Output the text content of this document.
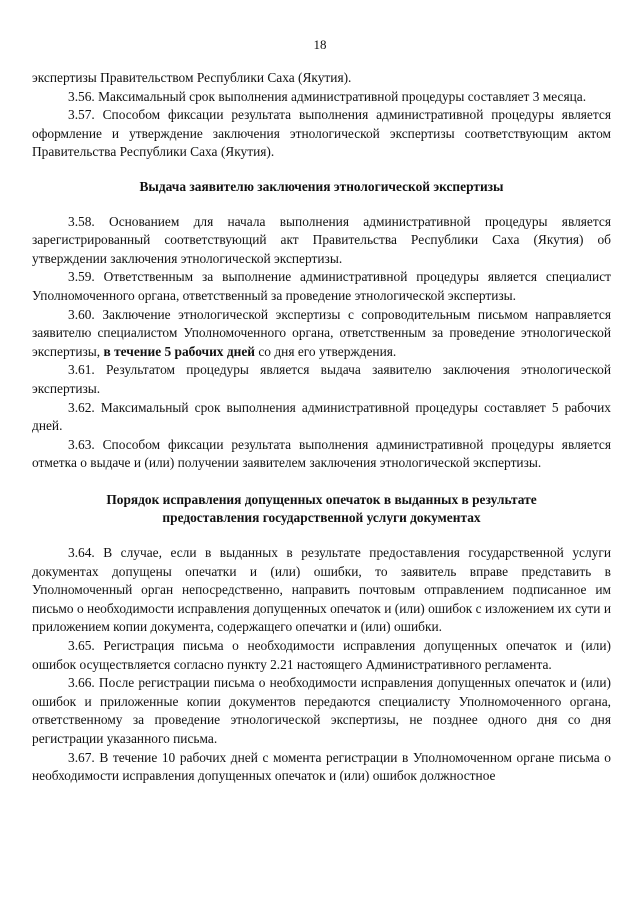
18

экспертизы Правительством Республики Саха (Якутия).

3.56. Максимальный срок выполнения административной процедуры составляет 3 месяца.

3.57. Способом фиксации результата выполнения административной процедуры является оформление и утверждение заключения этнологической экспертизы соответствующим актом Правительства Республики Саха (Якутия).

Выдача заявителю заключения этнологической экспертизы

3.58. Основанием для начала выполнения административной процедуры является зарегистрированный соответствующий акт Правительства Республики Саха (Якутия) об утверждении заключения этнологической экспертизы.

3.59. Ответственным за выполнение административной процедуры является специалист Уполномоченного органа, ответственный за проведение этнологической экспертизы.

3.60. Заключение этнологической экспертизы с сопроводительным письмом направляется заявителю специалистом Уполномоченного органа, ответственным за проведение этнологической экспертизы, в течение 5 рабочих дней со дня его утверждения.

3.61. Результатом процедуры является выдача заявителю заключения этнологической экспертизы.

3.62. Максимальный срок выполнения административной процедуры составляет 5 рабочих дней.

3.63. Способом фиксации результата выполнения административной процедуры является отметка о выдаче и (или) получении заявителем заключения этнологической экспертизы.

Порядок исправления допущенных опечаток в выданных в результате
предоставления государственной услуги документах

3.64. В случае, если в выданных в результате предоставления государственной услуги документах допущены опечатки и (или) ошибки, то заявитель вправе представить в Уполномоченный орган непосредственно, направить почтовым отправлением подписанное им письмо о необходимости исправления допущенных опечаток и (или) ошибок с изложением их сути и приложением копии документа, содержащего опечатки и (или) ошибки.

3.65. Регистрация письма о необходимости исправления допущенных опечаток и (или) ошибок осуществляется согласно пункту 2.21 настоящего Административного регламента.

3.66. После регистрации письма о необходимости исправления допущенных опечаток и (или) ошибок и приложенные копии документов передаются специалисту Уполномоченного органа, ответственному за проведение этнологической экспертизы, не позднее одного дня со дня регистрации указанного письма.

3.67. В течение 10 рабочих дней с момента регистрации в Уполномоченном органе письма о необходимости исправления допущенных опечаток и (или) ошибок должностное
